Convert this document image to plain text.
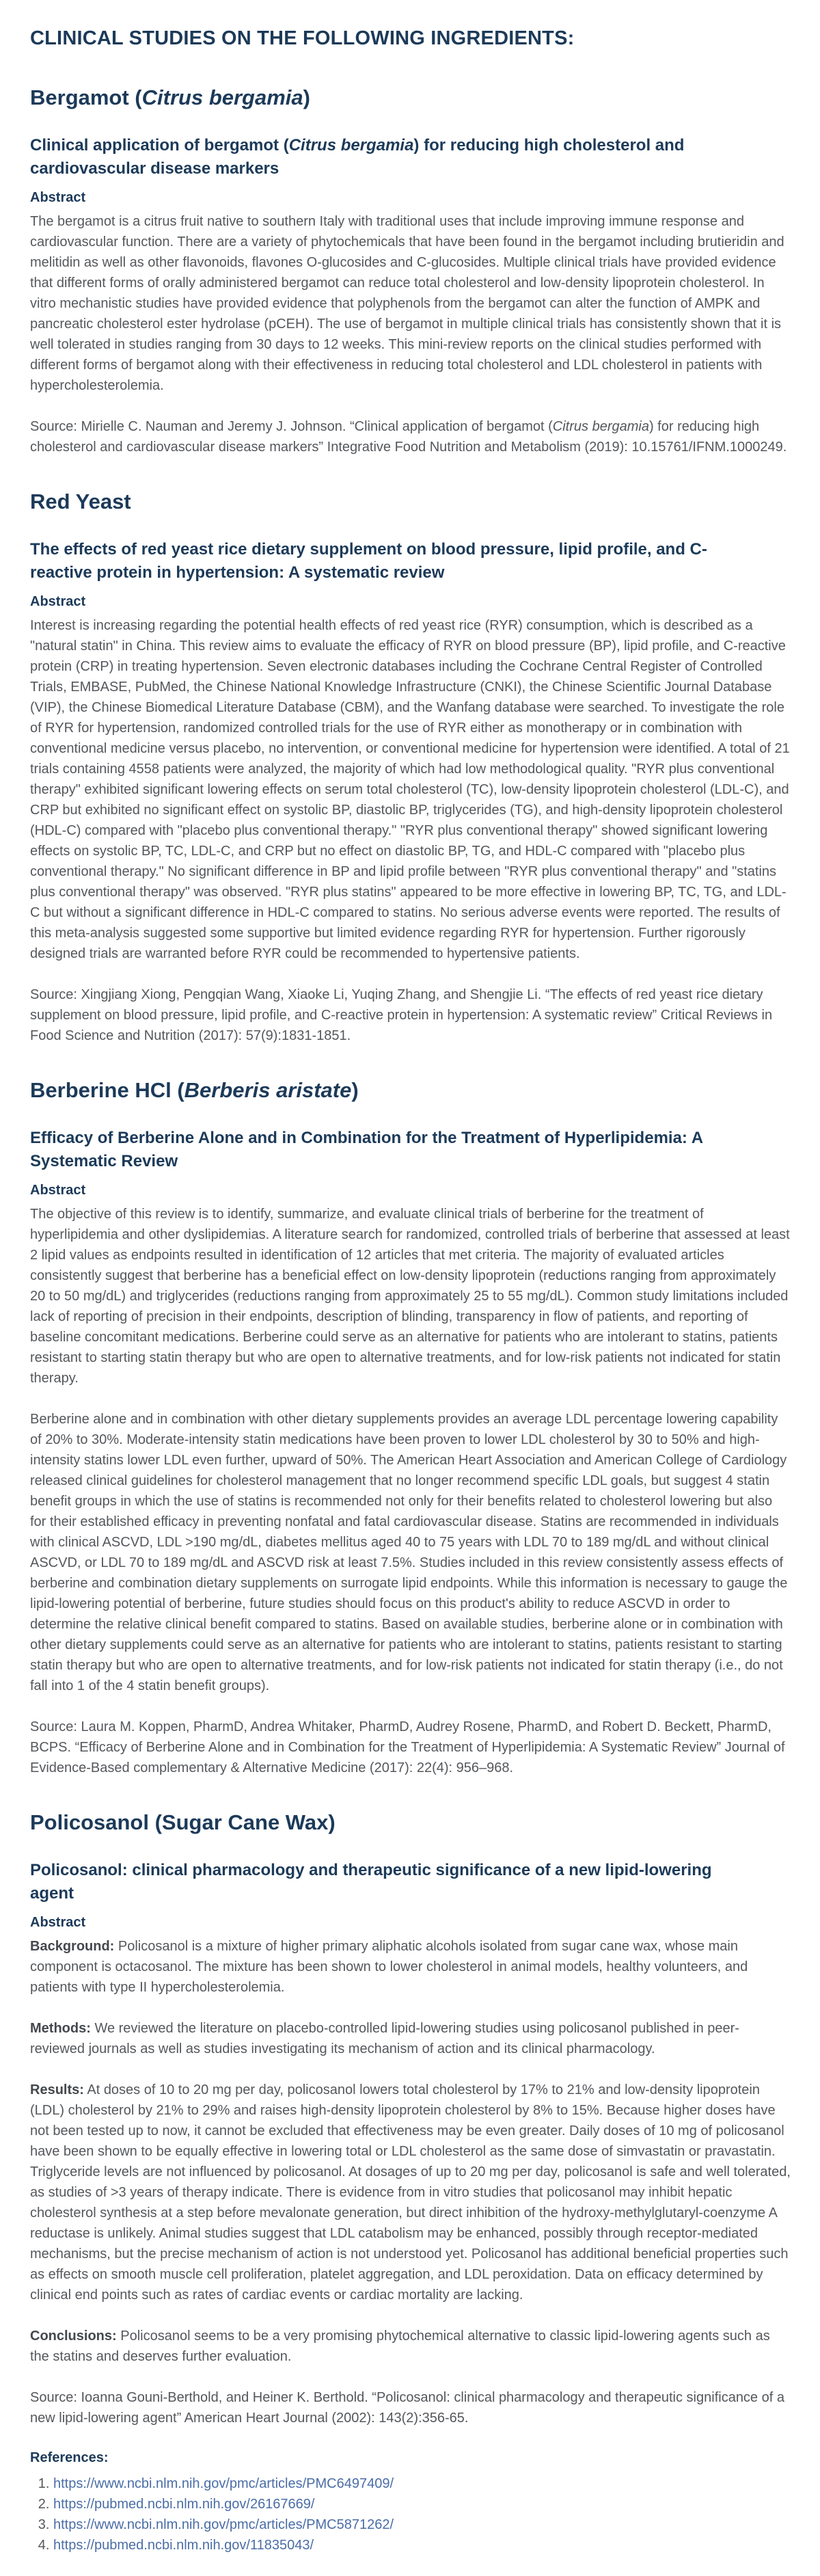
CLINICAL STUDIES ON THE FOLLOWING INGREDIENTS:
Bergamot (Citrus bergamia)
Clinical application of bergamot (Citrus bergamia) for reducing high cholesterol and cardiovascular disease markers
Abstract

The bergamot is a citrus fruit native to southern Italy with traditional uses that include improving immune response and cardiovascular function. There are a variety of phytochemicals that have been found in the bergamot including brutieridin and melitidin as well as other flavonoids, flavones O-glucosides and C-glucosides. Multiple clinical trials have provided evidence that different forms of orally administered bergamot can reduce total cholesterol and low-density lipoprotein cholesterol. In vitro mechanistic studies have provided evidence that polyphenols from the bergamot can alter the function of AMPK and pancreatic cholesterol ester hydrolase (pCEH). The use of bergamot in multiple clinical trials has consistently shown that it is well tolerated in studies ranging from 30 days to 12 weeks. This mini-review reports on the clinical studies performed with different forms of bergamot along with their effectiveness in reducing total cholesterol and LDL cholesterol in patients with hypercholesterolemia.

Source: Mirielle C. Nauman and Jeremy J. Johnson. “Clinical application of bergamot (Citrus bergamia) for reducing high cholesterol and cardiovascular disease markers” Integrative Food Nutrition and Metabolism (2019): 10.15761/IFNM.1000249.

Red Yeast
The effects of red yeast rice dietary supplement on blood pressure, lipid profile, and C-reactive protein in hypertension: A systematic review
Abstract

Interest is increasing regarding the potential health effects of red yeast rice (RYR) consumption, which is described as a "natural statin" in China. This review aims to evaluate the efficacy of RYR on blood pressure (BP), lipid profile, and C-reactive protein (CRP) in treating hypertension. Seven electronic databases including the Cochrane Central Register of Controlled Trials, EMBASE, PubMed, the Chinese National Knowledge Infrastructure (CNKI), the Chinese Scientific Journal Database (VIP), the Chinese Biomedical Literature Database (CBM), and the Wanfang database were searched. To investigate the role of RYR for hypertension, randomized controlled trials for the use of RYR either as monotherapy or in combination with conventional medicine versus placebo, no intervention, or conventional medicine for hypertension were identified. A total of 21 trials containing 4558 patients were analyzed, the majority of which had low methodological quality. "RYR plus conventional therapy" exhibited significant lowering effects on serum total cholesterol (TC), low-density lipoprotein cholesterol (LDL-C), and CRP but exhibited no significant effect on systolic BP, diastolic BP, triglycerides (TG), and high-density lipoprotein cholesterol (HDL-C) compared with "placebo plus conventional therapy." "RYR plus conventional therapy" showed significant lowering effects on systolic BP, TC, LDL-C, and CRP but no effect on diastolic BP, TG, and HDL-C compared with "placebo plus conventional therapy." No significant difference in BP and lipid profile between "RYR plus conventional therapy" and "statins plus conventional therapy" was observed. "RYR plus statins" appeared to be more effective in lowering BP, TC, TG, and LDL-C but without a significant difference in HDL-C compared to statins. No serious adverse events were reported. The results of this meta-analysis suggested some supportive but limited evidence regarding RYR for hypertension. Further rigorously designed trials are warranted before RYR could be recommended to hypertensive patients.

Source: Xingjiang Xiong, Pengqian Wang, Xiaoke Li, Yuqing Zhang, and Shengjie Li. “The effects of red yeast rice dietary supplement on blood pressure, lipid profile, and C-reactive protein in hypertension: A systematic review” Critical Reviews in Food Science and Nutrition (2017): 57(9):1831-1851.

Berberine HCl (Berberis aristate)
Efficacy of Berberine Alone and in Combination for the Treatment of Hyperlipidemia: A Systematic Review
Abstract

The objective of this review is to identify, summarize, and evaluate clinical trials of berberine for the treatment of hyperlipidemia and other dyslipidemias. A literature search for randomized, controlled trials of berberine that assessed at least 2 lipid values as endpoints resulted in identification of 12 articles that met criteria. The majority of evaluated articles consistently suggest that berberine has a beneficial effect on low-density lipoprotein (reductions ranging from approximately 20 to 50 mg/dL) and triglycerides (reductions ranging from approximately 25 to 55 mg/dL). Common study limitations included lack of reporting of precision in their endpoints, description of blinding, transparency in flow of patients, and reporting of baseline concomitant medications. Berberine could serve as an alternative for patients who are intolerant to statins, patients resistant to starting statin therapy but who are open to alternative treatments, and for low-risk patients not indicated for statin therapy.

Berberine alone and in combination with other dietary supplements provides an average LDL percentage lowering capability of 20% to 30%. Moderate-intensity statin medications have been proven to lower LDL cholesterol by 30 to 50% and high-intensity statins lower LDL even further, upward of 50%. The American Heart Association and American College of Cardiology released clinical guidelines for cholesterol management that no longer recommend specific LDL goals, but suggest 4 statin benefit groups in which the use of statins is recommended not only for their benefits related to cholesterol lowering but also for their established efficacy in preventing nonfatal and fatal cardiovascular disease. Statins are recommended in individuals with clinical ASCVD, LDL >190 mg/dL, diabetes mellitus aged 40 to 75 years with LDL 70 to 189 mg/dL and without clinical ASCVD, or LDL 70 to 189 mg/dL and ASCVD risk at least 7.5%. Studies included in this review consistently assess effects of berberine and combination dietary supplements on surrogate lipid endpoints. While this information is necessary to gauge the lipid-lowering potential of berberine, future studies should focus on this product's ability to reduce ASCVD in order to determine the relative clinical benefit compared to statins. Based on available studies, berberine alone or in combination with other dietary supplements could serve as an alternative for patients who are intolerant to statins, patients resistant to starting statin therapy but who are open to alternative treatments, and for low-risk patients not indicated for statin therapy (i.e., do not fall into 1 of the 4 statin benefit groups).

Source: Laura M. Koppen, PharmD, Andrea Whitaker, PharmD, Audrey Rosene, PharmD, and Robert D. Beckett, PharmD, BCPS. “Efficacy of Berberine Alone and in Combination for the Treatment of Hyperlipidemia: A Systematic Review” Journal of Evidence-Based complementary & Alternative Medicine (2017): 22(4): 956–968.

Policosanol (Sugar Cane Wax)
Policosanol: clinical pharmacology and therapeutic significance of a new lipid-lowering agent
Abstract

Background: Policosanol is a mixture of higher primary aliphatic alcohols isolated from sugar cane wax, whose main component is octacosanol. The mixture has been shown to lower cholesterol in animal models, healthy volunteers, and patients with type II hypercholesterolemia.

Methods: We reviewed the literature on placebo-controlled lipid-lowering studies using policosanol published in peer-reviewed journals as well as studies investigating its mechanism of action and its clinical pharmacology.

Results: At doses of 10 to 20 mg per day, policosanol lowers total cholesterol by 17% to 21% and low-density lipoprotein (LDL) cholesterol by 21% to 29% and raises high-density lipoprotein cholesterol by 8% to 15%. Because higher doses have not been tested up to now, it cannot be excluded that effectiveness may be even greater. Daily doses of 10 mg of policosanol have been shown to be equally effective in lowering total or LDL cholesterol as the same dose of simvastatin or pravastatin. Triglyceride levels are not influenced by policosanol. At dosages of up to 20 mg per day, policosanol is safe and well tolerated, as studies of >3 years of therapy indicate. There is evidence from in vitro studies that policosanol may inhibit hepatic cholesterol synthesis at a step before mevalonate generation, but direct inhibition of the hydroxy-methylglutaryl-coenzyme A reductase is unlikely. Animal studies suggest that LDL catabolism may be enhanced, possibly through receptor-mediated mechanisms, but the precise mechanism of action is not understood yet. Policosanol has additional beneficial properties such as effects on smooth muscle cell proliferation, platelet aggregation, and LDL peroxidation. Data on efficacy determined by clinical end points such as rates of cardiac events or cardiac mortality are lacking.

Conclusions: Policosanol seems to be a very promising phytochemical alternative to classic lipid-lowering agents such as the statins and deserves further evaluation.

Source: Ioanna Gouni-Berthold, and Heiner K. Berthold. “Policosanol: clinical pharmacology and therapeutic significance of a new lipid-lowering agent” American Heart Journal (2002): 143(2):356-65.

References:
1. https://www.ncbi.nlm.nih.gov/pmc/articles/PMC6497409/
2. https://pubmed.ncbi.nlm.nih.gov/26167669/
3. https://www.ncbi.nlm.nih.gov/pmc/articles/PMC5871262/
4. https://pubmed.ncbi.nlm.nih.gov/11835043/
